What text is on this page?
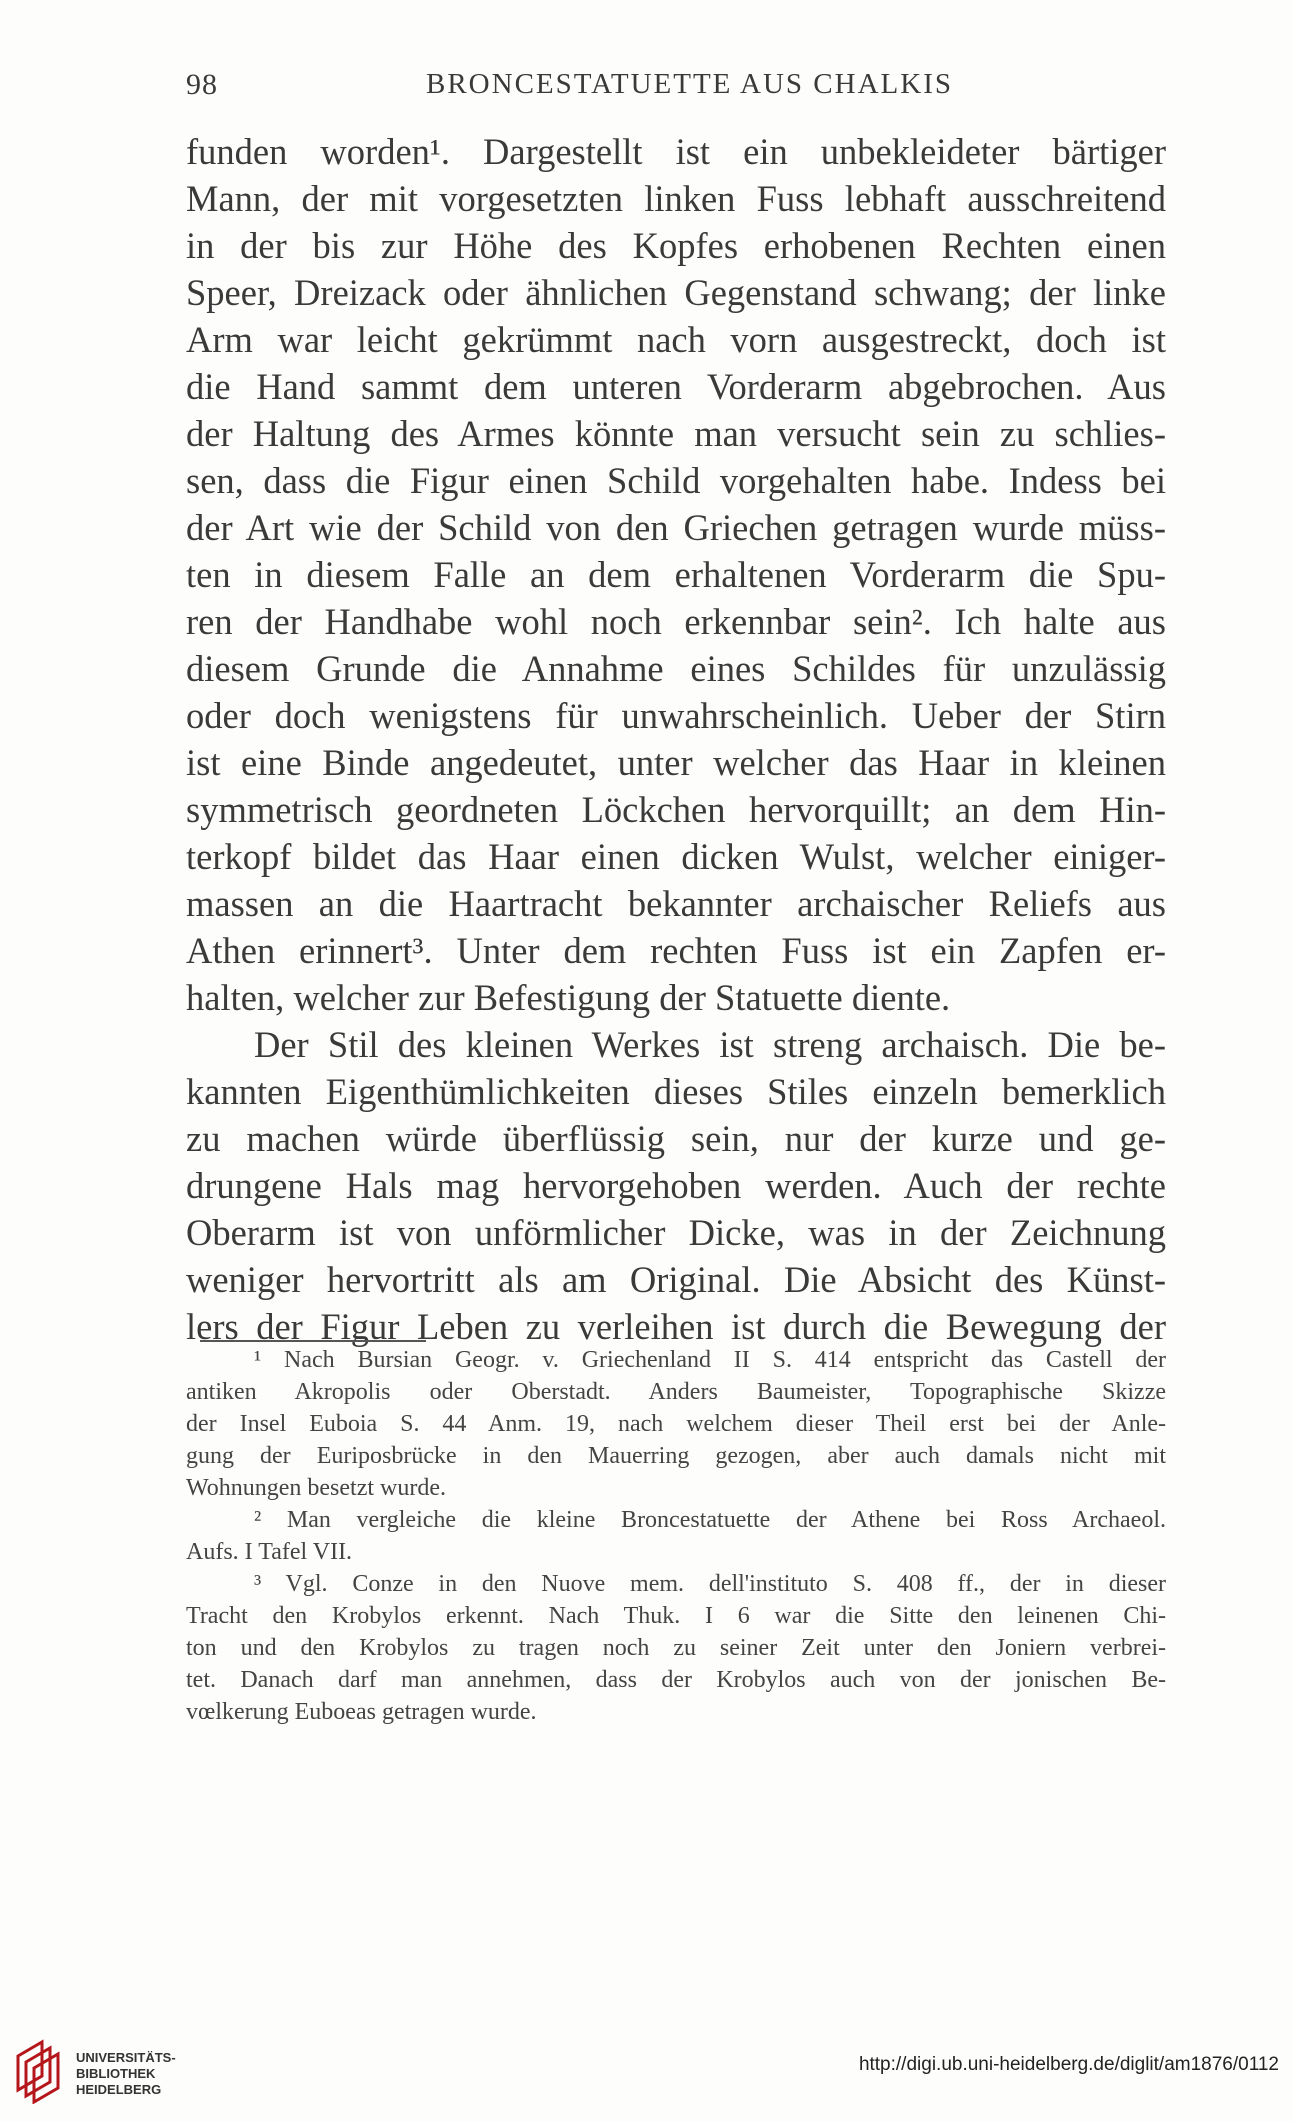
98	BRONCESTATUETTE AUS CHALKIS
funden worden¹. Dargestellt ist ein unbekleideter bärtiger
Mann, der mit vorgesetzten linken Fuss lebhaft ausschreitend
in der bis zur Höhe des Kopfes erhobenen Rechten einen
Speer, Dreizack oder ähnlichen Gegenstand schwang; der linke
Arm war leicht gekrümmt nach vorn ausgestreckt, doch ist
die Hand sammt dem unteren Vorderarm abgebrochen. Aus
der Haltung des Armes könnte man versucht sein zu schlies-
sen, dass die Figur einen Schild vorgehalten habe. Indess bei
der Art wie der Schild von den Griechen getragen wurde müss-
ten in diesem Falle an dem erhaltenen Vorderarm die Spu-
ren der Handhabe wohl noch erkennbar sein². Ich halte aus
diesem Grunde die Annahme eines Schildes für unzulässig
oder doch wenigstens für unwahrscheinlich. Ueber der Stirn
ist eine Binde angedeutet, unter welcher das Haar in kleinen
symmetrisch geordneten Löckchen hervorquillt; an dem Hin-
terkopf bildet das Haar einen dicken Wulst, welcher einiger-
massen an die Haartracht bekannter archaischer Reliefs aus
Athen erinnert³. Unter dem rechten Fuss ist ein Zapfen er-
halten, welcher zur Befestigung der Statuette diente.
Der Stil des kleinen Werkes ist streng archaisch. Die be-
kannten Eigenthümlichkeiten dieses Stiles einzeln bemerklich
zu machen würde überflüssig sein, nur der kurze und ge-
drungene Hals mag hervorgehoben werden. Auch der rechte
Oberarm ist von unförmlicher Dicke, was in der Zeichnung
weniger hervortritt als am Original. Die Absicht des Künst-
lers der Figur Leben zu verleihen ist durch die Bewegung der
¹ Nach Bursian Geogr. v. Griechenland II S. 414 entspricht das Castell der
antiken Akropolis oder Oberstadt. Anders Baumeister, Topographische Skizze
der Insel Euboia S. 44 Anm. 19, nach welchem dieser Theil erst bei der Anle-
gung der Euriposbrücke in den Mauerring gezogen, aber auch damals nicht mit
Wohnungen besetzt wurde.
² Man vergleiche die kleine Broncestatuette der Athene bei Ross Archaeol.
Aufs. I Tafel VII.
³ Vgl. Conze in den Nuove mem. dell'instituto S. 408 ff., der in dieser
Tracht den Krobylos erkennt. Nach Thuk. I 6 war die Sitte den leinenen Chi-
ton und den Krobylos zu tragen noch zu seiner Zeit unter den Joniern verbrei-
tet. Danach darf man annehmen, dass der Krobylos auch von der jonischen Be-
vœlkerung Euboeas getragen wurde.
UNIVERSITÄTS-
BIBLIOTHEK
HEIDELBERG
http://digi.ub.uni-heidelberg.de/diglit/am1876/0112
